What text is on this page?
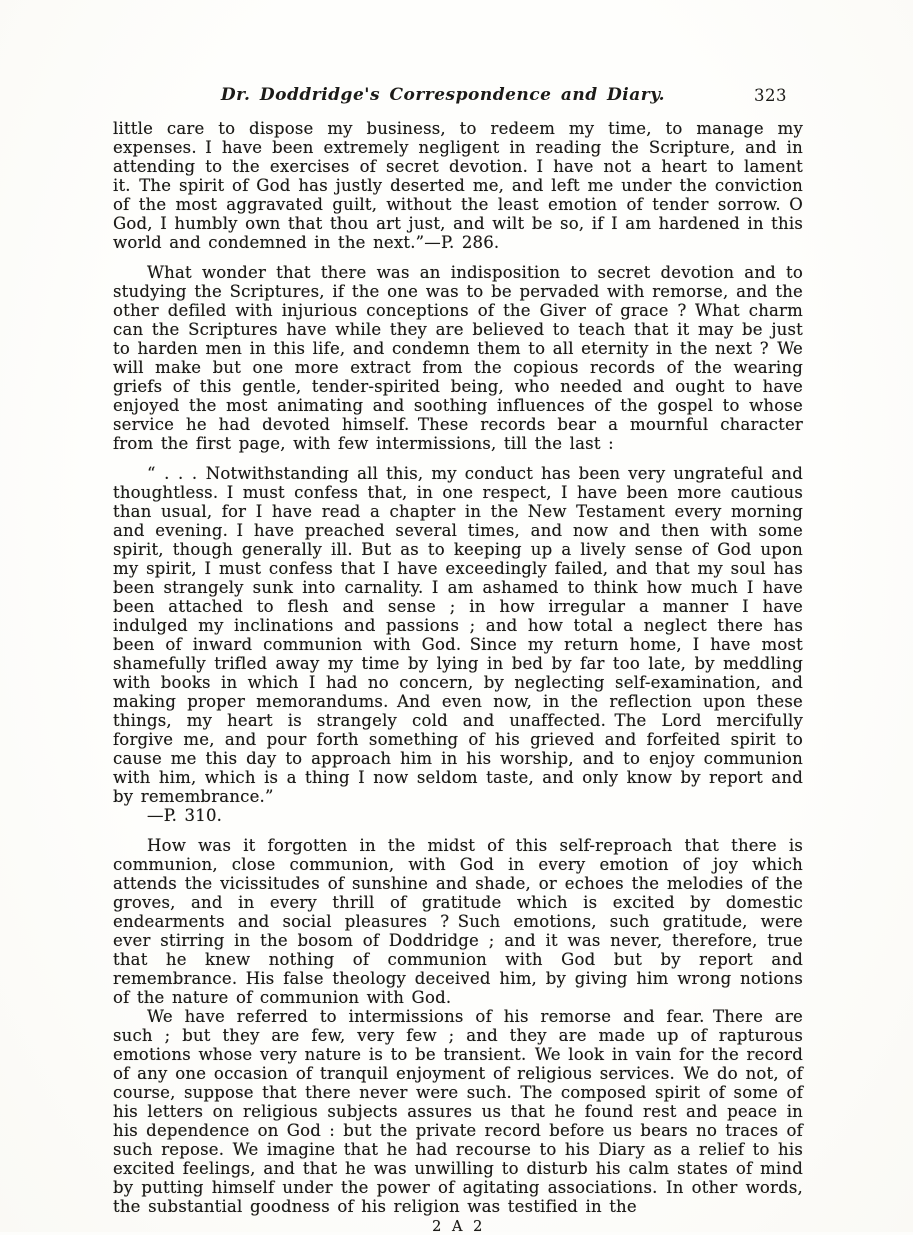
Dr. Doddridge's Correspondence and Diary.	323

little care to dispose my business, to redeem my time, to manage my expenses. I have been extremely negligent in reading the Scripture, and in attending to the exercises of secret devotion. I have not a heart to lament it. The spirit of God has justly deserted me, and left me under the conviction of the most aggravated guilt, without the least emotion of tender sorrow. O God, I humbly own that thou art just, and wilt be so, if I am hardened in this world and condemned in the next.”—P. 286.

What wonder that there was an indisposition to secret devotion and to studying the Scriptures, if the one was to be pervaded with remorse, and the other defiled with injurious conceptions of the Giver of grace ? What charm can the Scriptures have while they are believed to teach that it may be just to harden men in this life, and condemn them to all eternity in the next ? We will make but one more extract from the copious records of the wearing griefs of this gentle, tender-spirited being, who needed and ought to have enjoyed the most animating and soothing influences of the gospel to whose service he had devoted himself. These records bear a mournful character from the first page, with few intermissions, till the last :

“ . . . Notwithstanding all this, my conduct has been very ungrateful and thoughtless. I must confess that, in one respect, I have been more cautious than usual, for I have read a chapter in the New Testament every morning and evening. I have preached several times, and now and then with some spirit, though generally ill. But as to keeping up a lively sense of God upon my spirit, I must confess that I have exceedingly failed, and that my soul has been strangely sunk into carnality. I am ashamed to think how much I have been attached to flesh and sense ; in how irregular a manner I have indulged my inclinations and passions ; and how total a neglect there has been of inward communion with God. Since my return home, I have most shamefully trifled away my time by lying in bed by far too late, by meddling with books in which I had no concern, by neglecting self-examination, and making proper memorandums. And even now, in the reflection upon these things, my heart is strangely cold and unaffected. The Lord mercifully forgive me, and pour forth something of his grieved and forfeited spirit to cause me this day to approach him in his worship, and to enjoy communion with him, which is a thing I now seldom taste, and only know by report and by remembrance.”
—P. 310.

How was it forgotten in the midst of this self-reproach that there is communion, close communion, with God in every emotion of joy which attends the vicissitudes of sunshine and shade, or echoes the melodies of the groves, and in every thrill of gratitude which is excited by domestic endearments and social pleasures ? Such emotions, such gratitude, were ever stirring in the bosom of Doddridge ; and it was never, therefore, true that he knew nothing of communion with God but by report and remembrance. His false theology deceived him, by giving him wrong notions of the nature of communion with God.

We have referred to intermissions of his remorse and fear. There are such ; but they are few, very few ; and they are made up of rapturous emotions whose very nature is to be transient. We look in vain for the record of any one occasion of tranquil enjoyment of religious services. We do not, of course, suppose that there never were such. The composed spirit of some of his letters on religious subjects assures us that he found rest and peace in his dependence on God : but the private record before us bears no traces of such repose. We imagine that he had recourse to his Diary as a relief to his excited feelings, and that he was unwilling to disturb his calm states of mind by putting himself under the power of agitating associations. In other words, the substantial goodness of his religion was testified in the

2 A 2
